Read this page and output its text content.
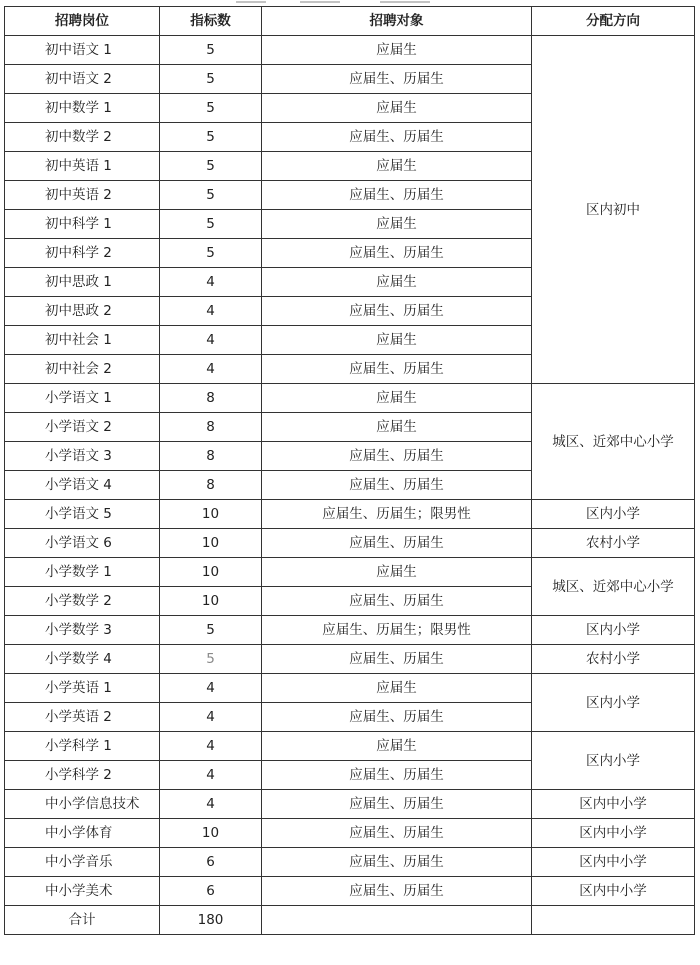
招聘岗位	指标数	招聘对象	分配方向
初中语文 1	5	应届生	区内初中
初中语文 2	5	应届生、历届生	
初中数学 1	5	应届生	
初中数学 2	5	应届生、历届生	
初中英语 1	5	应届生	
初中英语 2	5	应届生、历届生	
初中科学 1	5	应届生	
初中科学 2	5	应届生、历届生	
初中思政 1	4	应届生	
初中思政 2	4	应届生、历届生	
初中社会 1	4	应届生	
初中社会 2	4	应届生、历届生	
小学语文 1	8	应届生	城区、近郊中心小学
小学语文 2	8	应届生	
小学语文 3	8	应届生、历届生	
小学语文 4	8	应届生、历届生	
小学语文 5	10	应届生、历届生；限男性	区内小学
小学语文 6	10	应届生、历届生	农村小学
小学数学 1	10	应届生	城区、近郊中心小学
小学数学 2	10	应届生、历届生	
小学数学 3	5	应届生、历届生；限男性	区内小学
小学数学 4	5	应届生、历届生	农村小学
小学英语 1	4	应届生	区内小学
小学英语 2	4	应届生、历届生	
小学科学 1	4	应届生	区内小学
小学科学 2	4	应届生、历届生	
中小学信息技术	4	应届生、历届生	区内中小学
中小学体育	10	应届生、历届生	区内中小学
中小学音乐	6	应届生、历届生	区内中小学
中小学美术	6	应届生、历届生	区内中小学
合计	180		
